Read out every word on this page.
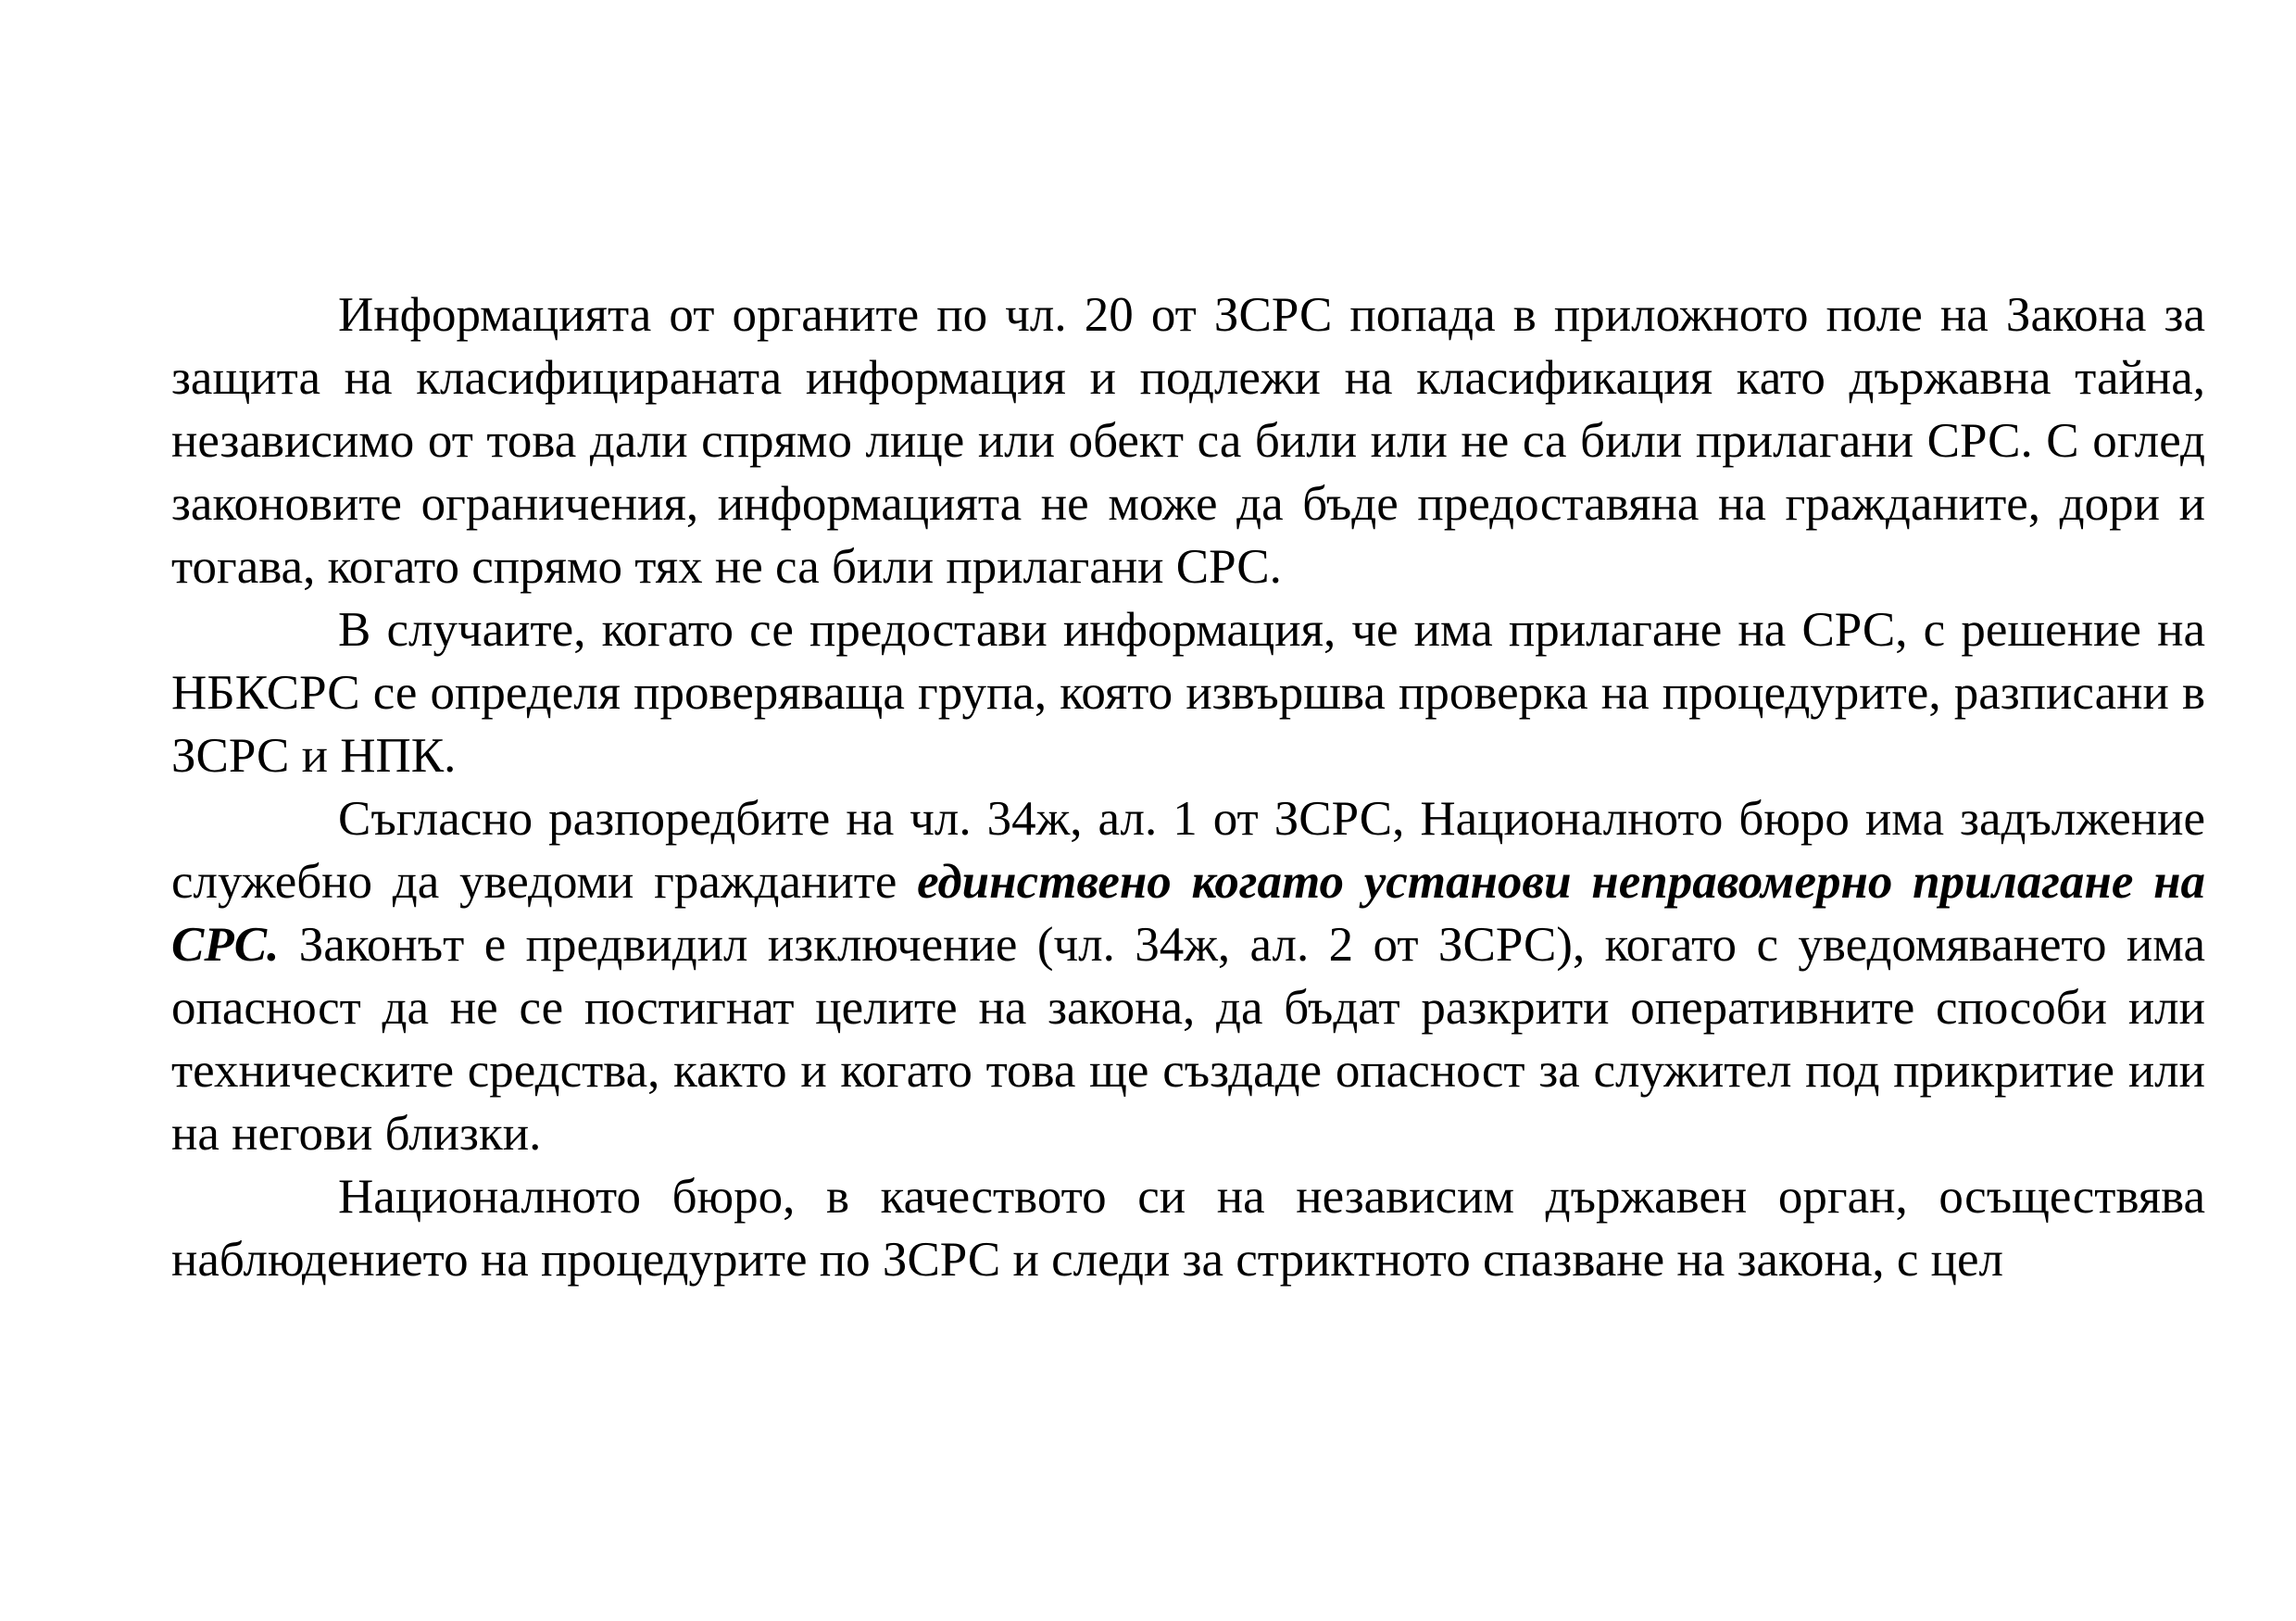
Информацията от органите по чл. 20 от ЗСРС попада в приложното поле на Закона за защита на класифицираната информация и подлежи на класификация като държавна тайна, независимо от това дали спрямо лице или обект са били или не са били прилагани СРС. С оглед законовите ограничения, информацията не може да бъде предоставяна на гражданите, дори и тогава, когато спрямо тях не са били прилагани СРС.

В случаите, когато се предостави информация, че има прилагане на СРС, с решение на НБКСРС се определя проверяваща група, която извършва проверка на процедурите, разписани в ЗСРС и НПК.

Съгласно разпоредбите на чл. 34ж, ал. 1 от ЗСРС, Националното бюро има задължение служебно да уведоми гражданите единствено когато установи неправомерно прилагане на СРС. Законът е предвидил изключение (чл. 34ж, ал. 2 от ЗСРС), когато с уведомяването има опасност да не се постигнат целите на закона, да бъдат разкрити оперативните способи или техническите средства, както и когато това ще създаде опасност за служител под прикритие или на негови близки.

Националното бюро, в качеството си на независим държавен орган, осъществява наблюдението на процедурите по ЗСРС и следи за стриктното спазване на закона, с цел
